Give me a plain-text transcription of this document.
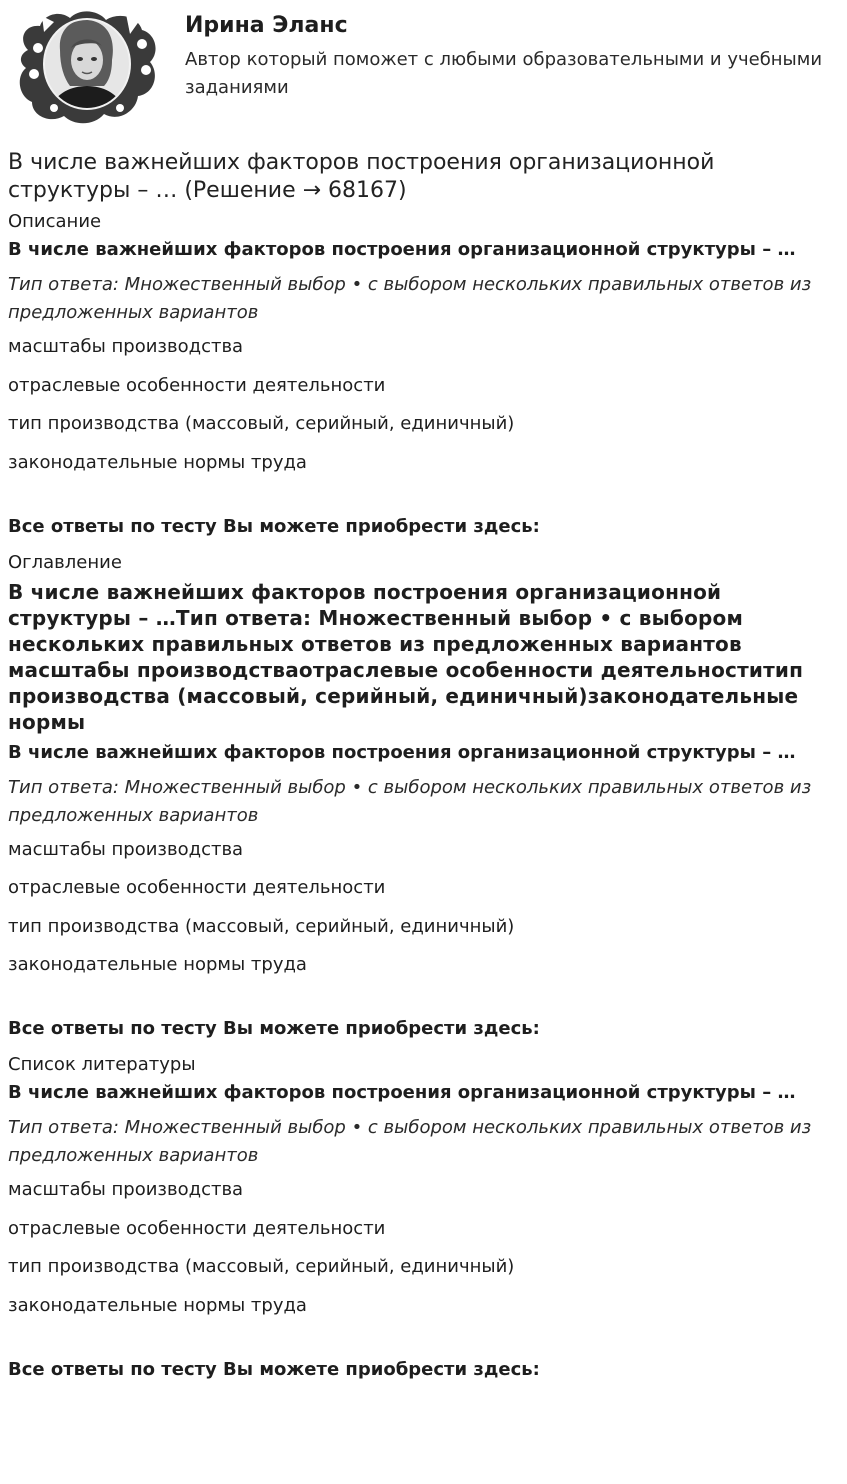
Ирина Эланс
Автор который поможет с любыми образовательными и учебными заданиями
В числе важнейших факторов построения организационной структуры – … (Решение → 68167)
Описание
В числе важнейших факторов построения организационной структуры – …
Тип ответа: Множественный выбор • с выбором нескольких правильных ответов из предложенных вариантов
масштабы производства
отраслевые особенности деятельности
тип производства (массовый, серийный, единичный)
законодательные нормы труда
Все ответы по тесту Вы можете приобрести здесь:
Оглавление
В числе важнейших факторов построения организационной структуры – …Тип ответа: Множественный выбор • с выбором нескольких правильных ответов из предложенных вариантов масштабы производстваотраслевые особенности деятельноститип производства (массовый, серийный, единичный)законодательные нормы
В числе важнейших факторов построения организационной структуры – …
Тип ответа: Множественный выбор • с выбором нескольких правильных ответов из предложенных вариантов
масштабы производства
отраслевые особенности деятельности
тип производства (массовый, серийный, единичный)
законодательные нормы труда
Все ответы по тесту Вы можете приобрести здесь:
Список литературы
В числе важнейших факторов построения организационной структуры – …
Тип ответа: Множественный выбор • с выбором нескольких правильных ответов из предложенных вариантов
масштабы производства
отраслевые особенности деятельности
тип производства (массовый, серийный, единичный)
законодательные нормы труда
Все ответы по тесту Вы можете приобрести здесь:
